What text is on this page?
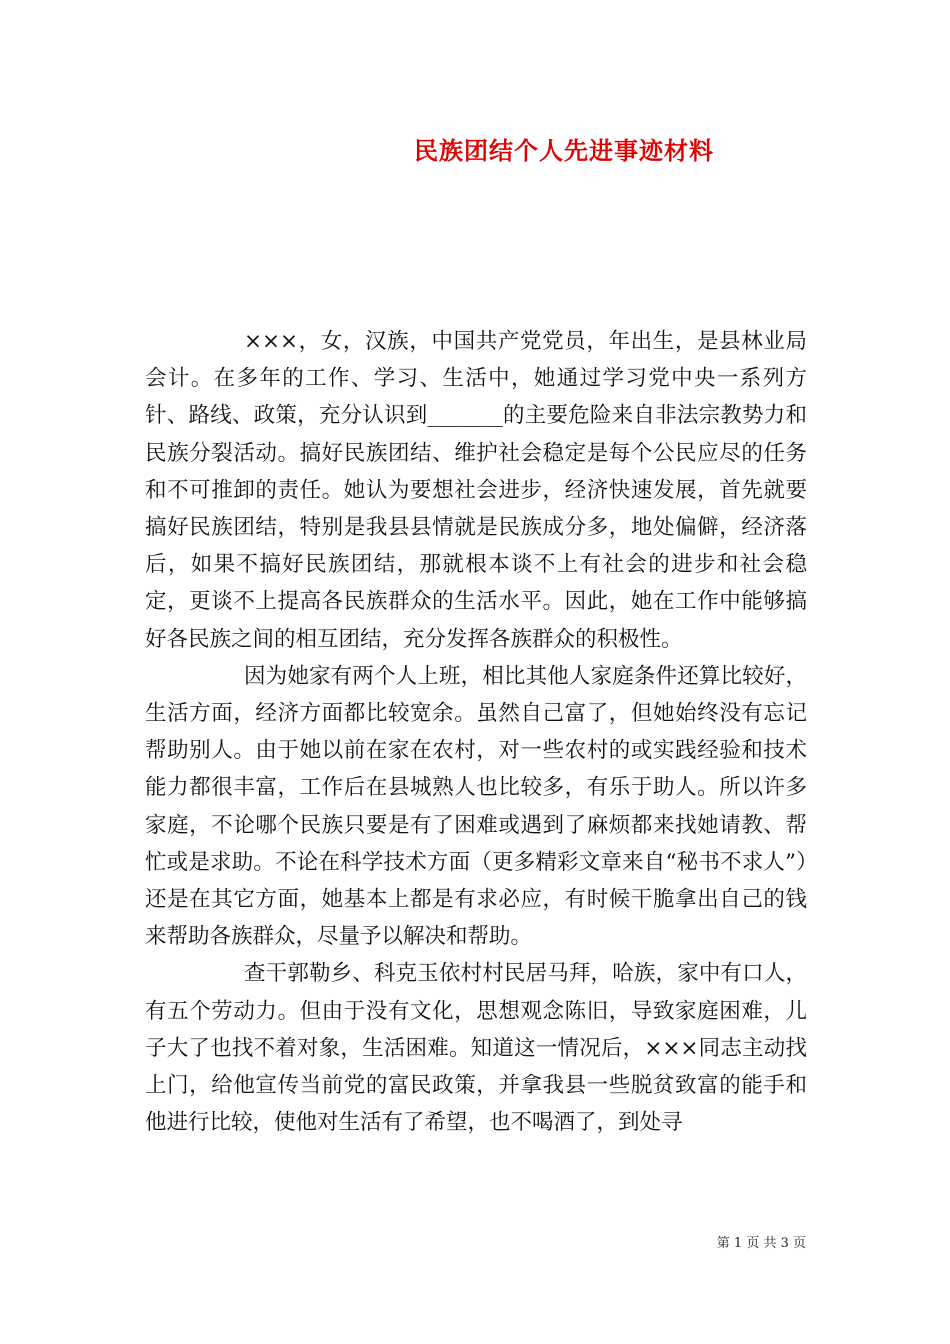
民族团结个人先进事迹材料

×××，女，汉族，中国共产党党员，年出生，是县林业局会计。在多年的工作、学习、生活中，她通过学习党中央一系列方针、路线、政策，充分认识到_______的主要危险来自非法宗教势力和民族分裂活动。搞好民族团结、维护社会稳定是每个公民应尽的任务和不可推卸的责任。她认为要想社会进步，经济快速发展，首先就要搞好民族团结，特别是我县县情就是民族成分多，地处偏僻，经济落后，如果不搞好民族团结，那就根本谈不上有社会的进步和社会稳定，更谈不上提高各民族群众的生活水平。因此，她在工作中能够搞好各民族之间的相互团结，充分发挥各族群众的积极性。

因为她家有两个人上班，相比其他人家庭条件还算比较好，生活方面，经济方面都比较宽余。虽然自己富了，但她始终没有忘记帮助别人。由于她以前在家在农村，对一些农村的或实践经验和技术能力都很丰富，工作后在县城熟人也比较多，有乐于助人。所以许多家庭，不论哪个民族只要是有了困难或遇到了麻烦都来找她请教、帮忙或是求助。不论在科学技术方面（更多精彩文章来自“秘书不求人”）还是在其它方面，她基本上都是有求必应，有时候干脆拿出自己的钱来帮助各族群众，尽量予以解决和帮助。

查干郭勒乡、科克玉依村村民居马拜，哈族，家中有口人，有五个劳动力。但由于没有文化，思想观念陈旧，导致家庭困难，儿子大了也找不着对象，生活困难。知道这一情况后，×××同志主动找上门，给他宣传当前党的富民政策，并拿我县一些脱贫致富的能手和他进行比较，使他对生活有了希望，也不喝酒了，到处寻

第 1 页 共 3 页
